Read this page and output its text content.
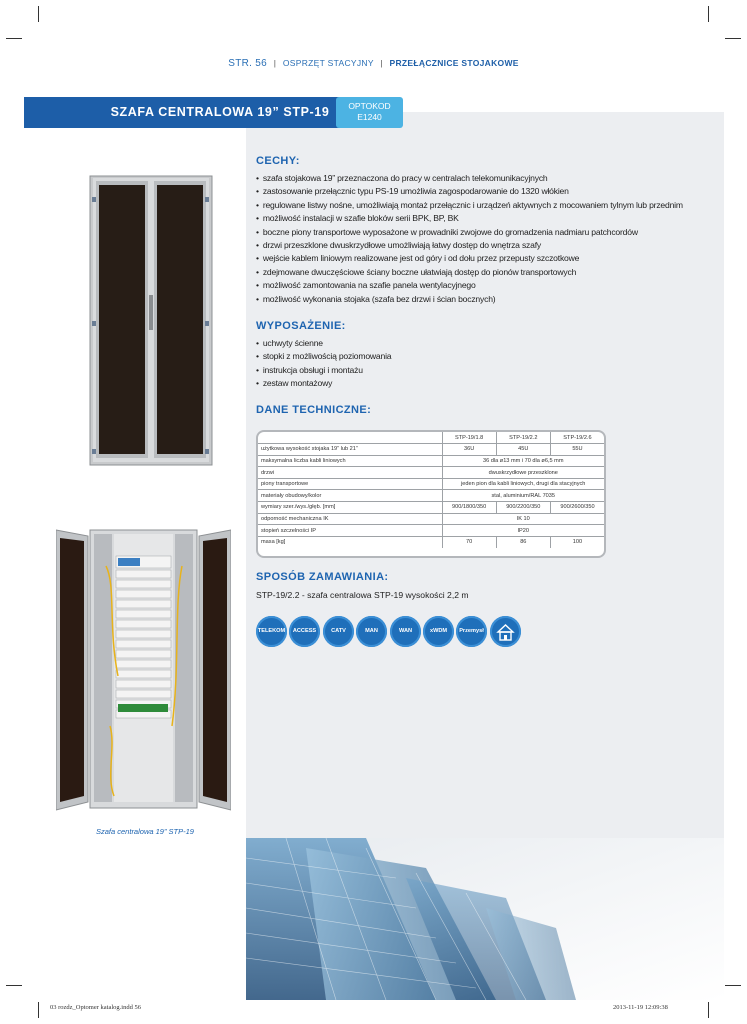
STR. 56 | OSPRZĘT STACYJNY | PRZEŁĄCZNICE STOJAKOWE
SZAFA CENTRALOWA 19” STP-19	OPTOKOD
E1240
Szafa centralowa 19” STP-19
CECHY:
• szafa stojakowa 19” przeznaczona do pracy w centralach telekomunikacyjnych
• zastosowanie przełącznic typu PS-19 umożliwia zagospodarowanie do 1320 włókien
• regulowane listwy nośne, umożliwiają montaż przełącznic i urządzeń aktywnych z mocowaniem tylnym lub przednim
• możliwość instalacji w szafie bloków serii BPK, BP, BK
• boczne piony transportowe wyposażone w prowadniki zwojowe do gromadzenia nadmiaru patchcordów
• drzwi przeszklone dwuskrzydłowe umożliwiają łatwy dostęp do wnętrza szafy
• wejście kablem liniowym realizowane jest od góry i od dołu przez przepusty szczotkowe
• zdejmowane dwuczęściowe ściany boczne ułatwiają dostęp do pionów transportowych
• możliwość zamontowania na szafie panela wentylacyjnego
• możliwość wykonania stojaka (szafa bez drzwi i ścian bocznych)
WYPOSAŻENIE:
• uchwyty ścienne
• stopki z możliwością poziomowania
• instrukcja obsługi i montażu
• zestaw montażowy
DANE TECHNICZNE:
	STP-19/1.8	STP-19/2.2	STP-19/2.6
użytkowa wysokość stojaka 19” lub 21”	36U	45U	55U
maksymalna liczba kabli liniowych	36 dla ø13 mm i 70 dla ø6,5 mm		
drzwi	dwuskrzydłowe przeszklone		
piony transportowe	jeden pion dla kabli liniowych, drugi dla stacyjnych		
materiały obudowy/kolor	stal, aluminium/RAL 7035		
wymiary szer./wys./głęb. [mm]	900/1800/350	900/2200/350	900/2600/350
odporność mechaniczna IK	IK 10		
stopień szczelności IP	IP20		
masa [kg]	70	86	100
SPOSÓB ZAMAWIANIA:
STP-19/2.2 - szafa centralowa STP-19 wysokości 2,2 m
TELEKOM	ACCESS	CATV	MAN	WAN	xWDM	Przemysł
03 rozdz_Optomer katalog.indd 56	2013-11-19 12:09:38
